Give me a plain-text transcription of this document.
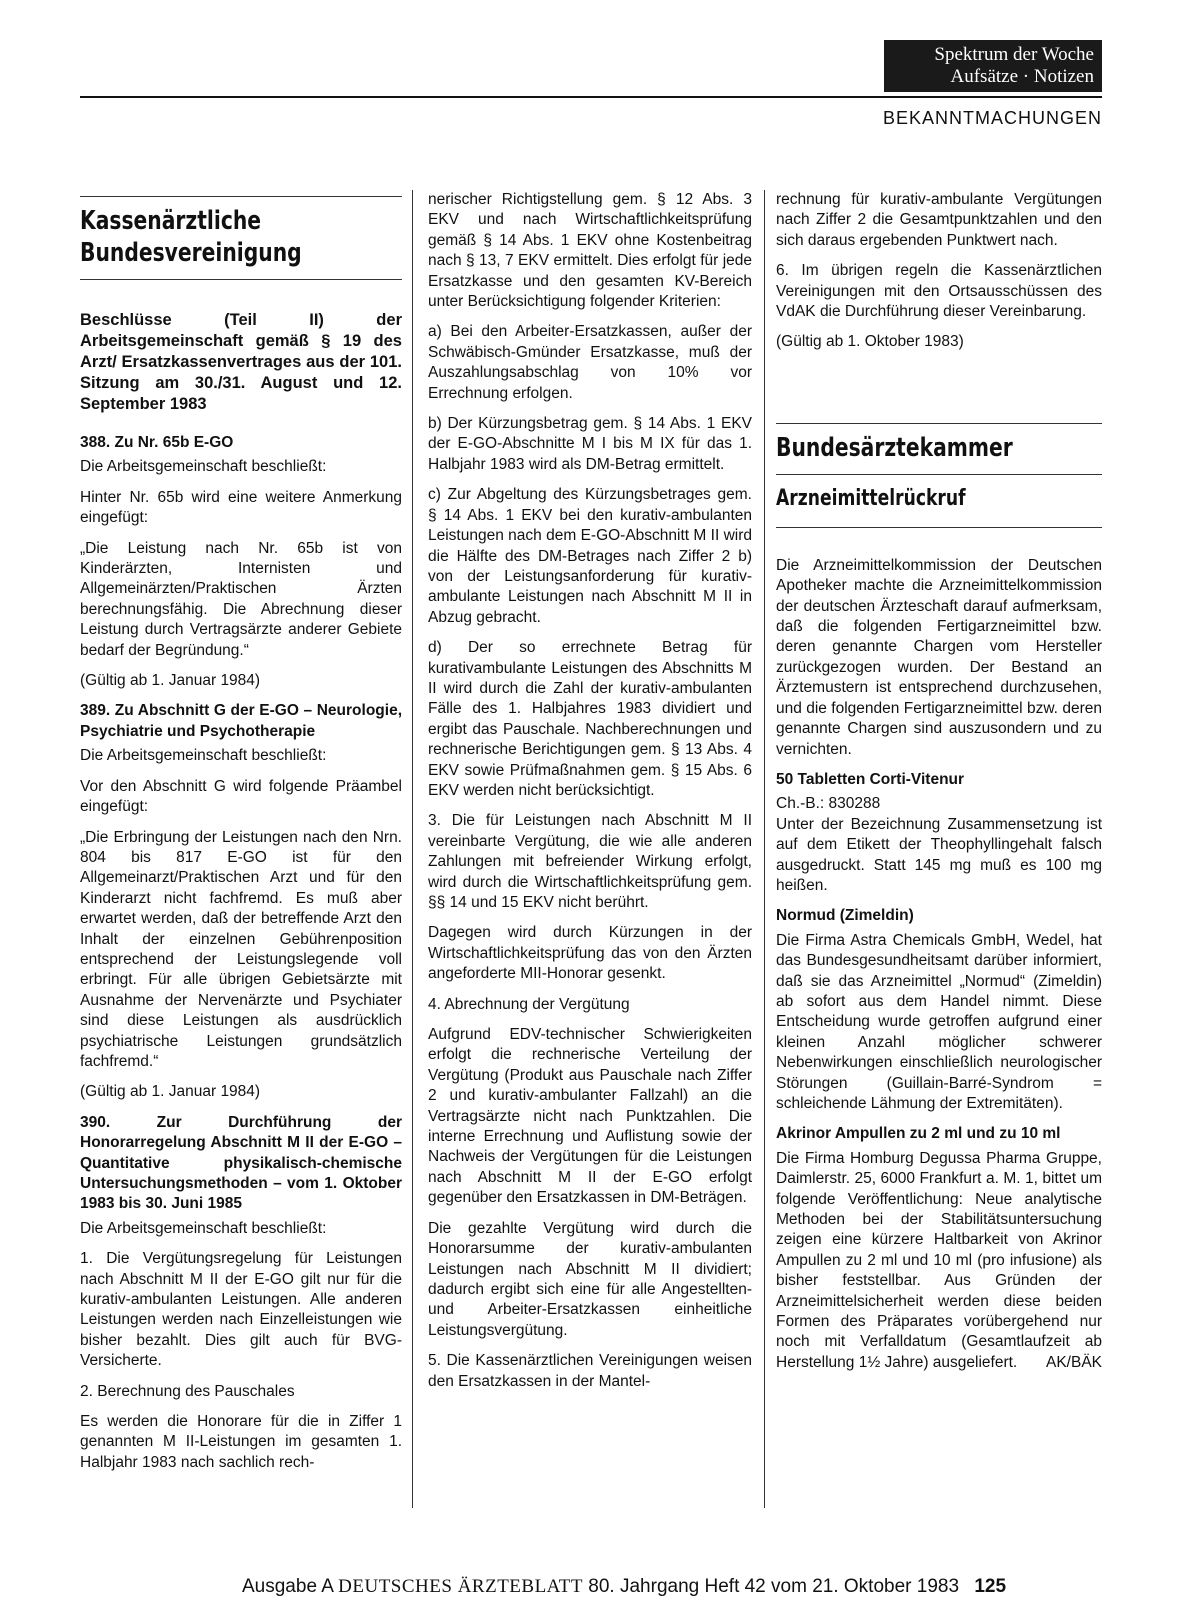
Spektrum der Woche
Aufsätze · Notizen
BEKANNTMACHUNGEN
Kassenärztliche
Bundesvereinigung

Beschlüsse (Teil II) der Arbeitsgemeinschaft gemäß § 19 des Arzt/ Ersatzkassenvertrages aus der 101. Sitzung am 30./31. August und 12. September 1983

388. Zu Nr. 65b E-GO

Die Arbeitsgemeinschaft beschließt:

Hinter Nr. 65b wird eine weitere Anmerkung eingefügt:

„Die Leistung nach Nr. 65b ist von Kinderärzten, Internisten und Allgemeinärzten/Praktischen Ärzten berechnungsfähig. Die Abrechnung dieser Leistung durch Vertragsärzte anderer Gebiete bedarf der Begründung.“

(Gültig ab 1. Januar 1984)

389. Zu Abschnitt G der E-GO – Neurologie, Psychiatrie und Psychotherapie

Die Arbeitsgemeinschaft beschließt:

Vor den Abschnitt G wird folgende Präambel eingefügt:

„Die Erbringung der Leistungen nach den Nrn. 804 bis 817 E-GO ist für den Allgemeinarzt/Praktischen Arzt und für den Kinderarzt nicht fachfremd. Es muß aber erwartet werden, daß der betreffende Arzt den Inhalt der einzelnen Gebührenposition entsprechend der Leistungslegende voll erbringt. Für alle übrigen Gebietsärzte mit Ausnahme der Nervenärzte und Psychiater sind diese Leistungen als ausdrücklich psychiatrische Leistungen grundsätzlich fachfremd.“

(Gültig ab 1. Januar 1984)

390. Zur Durchführung der Honorarregelung Abschnitt M II der E-GO – Quantitative physikalisch-chemische Untersuchungsmethoden – vom 1. Oktober 1983 bis 30. Juni 1985

Die Arbeitsgemeinschaft beschließt:

1. Die Vergütungsregelung für Leistungen nach Abschnitt M II der E-GO gilt nur für die kurativ-ambulanten Leistungen. Alle anderen Leistungen werden nach Einzelleistungen wie bisher bezahlt. Dies gilt auch für BVG-Versicherte.

2. Berechnung des Pauschales

Es werden die Honorare für die in Ziffer 1 genannten M II-Leistungen im gesamten 1. Halbjahr 1983 nach sachlich rech-

nerischer Richtigstellung gem. § 12 Abs. 3 EKV und nach Wirtschaftlichkeitsprüfung gemäß § 14 Abs. 1 EKV ohne Kostenbeitrag nach § 13, 7 EKV ermittelt. Dies erfolgt für jede Ersatzkasse und den gesamten KV-Bereich unter Berücksichtigung folgender Kriterien:

a) Bei den Arbeiter-Ersatzkassen, außer der Schwäbisch-Gmünder Ersatzkasse, muß der Auszahlungsabschlag von 10% vor Errechnung erfolgen.

b) Der Kürzungsbetrag gem. § 14 Abs. 1 EKV der E-GO-Abschnitte M I bis M IX für das 1. Halbjahr 1983 wird als DM-Betrag ermittelt.

c) Zur Abgeltung des Kürzungsbetrages gem. § 14 Abs. 1 EKV bei den kurativ-ambulanten Leistungen nach dem E-GO-Abschnitt M II wird die Hälfte des DM-Betrages nach Ziffer 2 b) von der Leistungsanforderung für kurativ-ambulante Leistungen nach Abschnitt M II in Abzug gebracht.

d) Der so errechnete Betrag für kurativambulante Leistungen des Abschnitts M II wird durch die Zahl der kurativ-ambulanten Fälle des 1. Halbjahres 1983 dividiert und ergibt das Pauschale. Nachberechnungen und rechnerische Berichtigungen gem. § 13 Abs. 4 EKV sowie Prüfmaßnahmen gem. § 15 Abs. 6 EKV werden nicht berücksichtigt.

3. Die für Leistungen nach Abschnitt M II vereinbarte Vergütung, die wie alle anderen Zahlungen mit befreiender Wirkung erfolgt, wird durch die Wirtschaftlichkeitsprüfung gem. §§ 14 und 15 EKV nicht berührt.

Dagegen wird durch Kürzungen in der Wirtschaftlichkeitsprüfung das von den Ärzten angeforderte MII-Honorar gesenkt.

4. Abrechnung der Vergütung

Aufgrund EDV-technischer Schwierigkeiten erfolgt die rechnerische Verteilung der Vergütung (Produkt aus Pauschale nach Ziffer 2 und kurativ-ambulanter Fallzahl) an die Vertragsärzte nicht nach Punktzahlen. Die interne Errechnung und Auflistung sowie der Nachweis der Vergütungen für die Leistungen nach Abschnitt M II der E-GO erfolgt gegenüber den Ersatzkassen in DM-Beträgen.

Die gezahlte Vergütung wird durch die Honorarsumme der kurativ-ambulanten Leistungen nach Abschnitt M II dividiert; dadurch ergibt sich eine für alle Angestellten- und Arbeiter-Ersatzkassen einheitliche Leistungsvergütung.

5. Die Kassenärztlichen Vereinigungen weisen den Ersatzkassen in der Mantel-

rechnung für kurativ-ambulante Vergütungen nach Ziffer 2 die Gesamtpunktzahlen und den sich daraus ergebenden Punktwert nach.

6. Im übrigen regeln die Kassenärztlichen Vereinigungen mit den Ortsausschüssen des VdAK die Durchführung dieser Vereinbarung.

(Gültig ab 1. Oktober 1983)

Bundesärztekammer
Arzneimittelrückruf

Die Arzneimittelkommission der Deutschen Apotheker machte die Arzneimittelkommission der deutschen Ärzteschaft darauf aufmerksam, daß die folgenden Fertigarzneimittel bzw. deren genannte Chargen vom Hersteller zurückgezogen wurden. Der Bestand an Ärztemustern ist entsprechend durchzusehen, und die folgenden Fertigarzneimittel bzw. deren genannte Chargen sind auszusondern und zu vernichten.

50 Tabletten Corti-Vitenur

Ch.-B.: 830288

Unter der Bezeichnung Zusammensetzung ist auf dem Etikett der Theophyllingehalt falsch ausgedruckt. Statt 145 mg muß es 100 mg heißen.

Normud (Zimeldin)

Die Firma Astra Chemicals GmbH, Wedel, hat das Bundesgesundheitsamt darüber informiert, daß sie das Arzneimittel „Normud“ (Zimeldin) ab sofort aus dem Handel nimmt. Diese Entscheidung wurde getroffen aufgrund einer kleinen Anzahl möglicher schwerer Nebenwirkungen einschließlich neurologischer Störungen (Guillain-Barré-Syndrom = schleichende Lähmung der Extremitäten).

Akrinor Ampullen zu 2 ml und zu 10 ml

Die Firma Homburg Degussa Pharma Gruppe, Daimlerstr. 25, 6000 Frankfurt a. M. 1, bittet um folgende Veröffentlichung: Neue analytische Methoden bei der Stabilitätsuntersuchung zeigen eine kürzere Haltbarkeit von Akrinor Ampullen zu 2 ml und 10 ml (pro infusione) als bisher feststellbar. Aus Gründen der Arzneimittelsicherheit werden diese beiden Formen des Präparates vorübergehend nur noch mit Verfalldatum (Gesamtlaufzeit ab Herstellung 1½ Jahre) ausgeliefert. AK/BÄK

Ausgabe A DEUTSCHES ÄRZTEBLATT 80. Jahrgang Heft 42 vom 21. Oktober 1983 125
